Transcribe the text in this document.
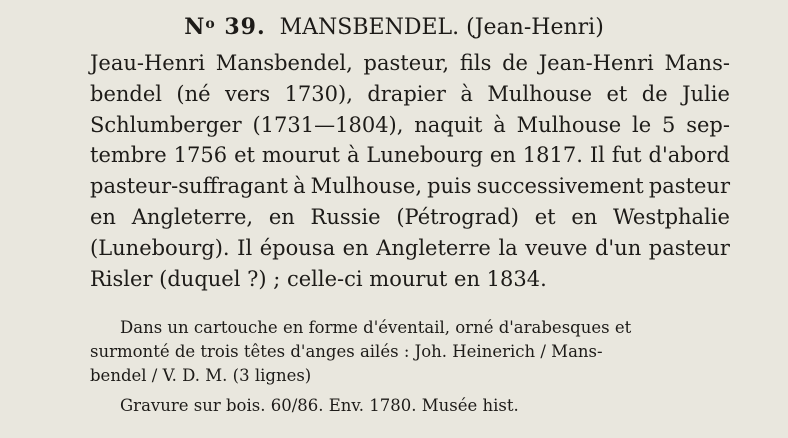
$N^o$ 39. MANSBENDEL. (Jean-Henri)
Jeau-Henri Mansbendel, pasteur, fils de Jean-Henri Mans-
bendel (né vers 1730), drapier à Mulhouse et de Julie
Schlumberger (1731—1804), naquit à Mulhouse le 5 sep-
tembre 1756 et mourut à Lunebourg en 1817. Il fut d'abord
pasteur-suffragant à Mulhouse, puis successivement pasteur
en Angleterre, en Russie (Pétrograd) et en Westphalie
(Lunebourg). Il épousa en Angleterre la veuve d'un pasteur
Risler (duquel ?) ; celle-ci mourut en 1834.
Dans un cartouche en forme d'éventail, orné d'arabesques et
surmonté de trois têtes d'anges ailés : Joh. Heinerich / Mans-
bendel / V. D. M. (3 lignes)
Gravure sur bois. 60/86. Env. 1780. Musée hist.
